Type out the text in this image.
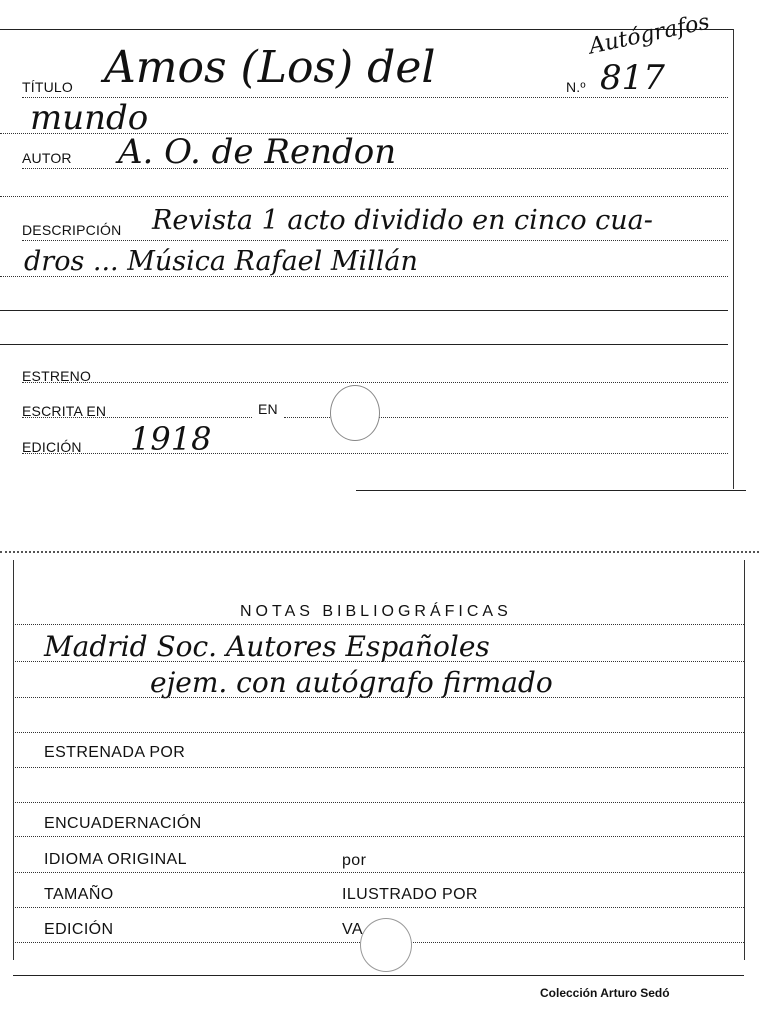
Autógrafos
TÍTULO Amos (Los) del	N.º 817
mundo
AUTOR A. O. de Rendon
DESCRIPCIÓN Revista 1 acto dividido en cinco cua-
dros ... Música Rafael Millán
ESTRENO
ESCRITA EN	EN
EDICIÓN 1918
NOTAS BIBLIOGRÁFICAS
Madrid Soc. Autores Españoles
ejem. con autógrafo firmado
ESTRENADA POR
ENCUADERNACIÓN
IDIOMA ORIGINAL	por
TAMAÑO	ILUSTRADO POR
EDICIÓN	VA
Colección Arturo Sedó
